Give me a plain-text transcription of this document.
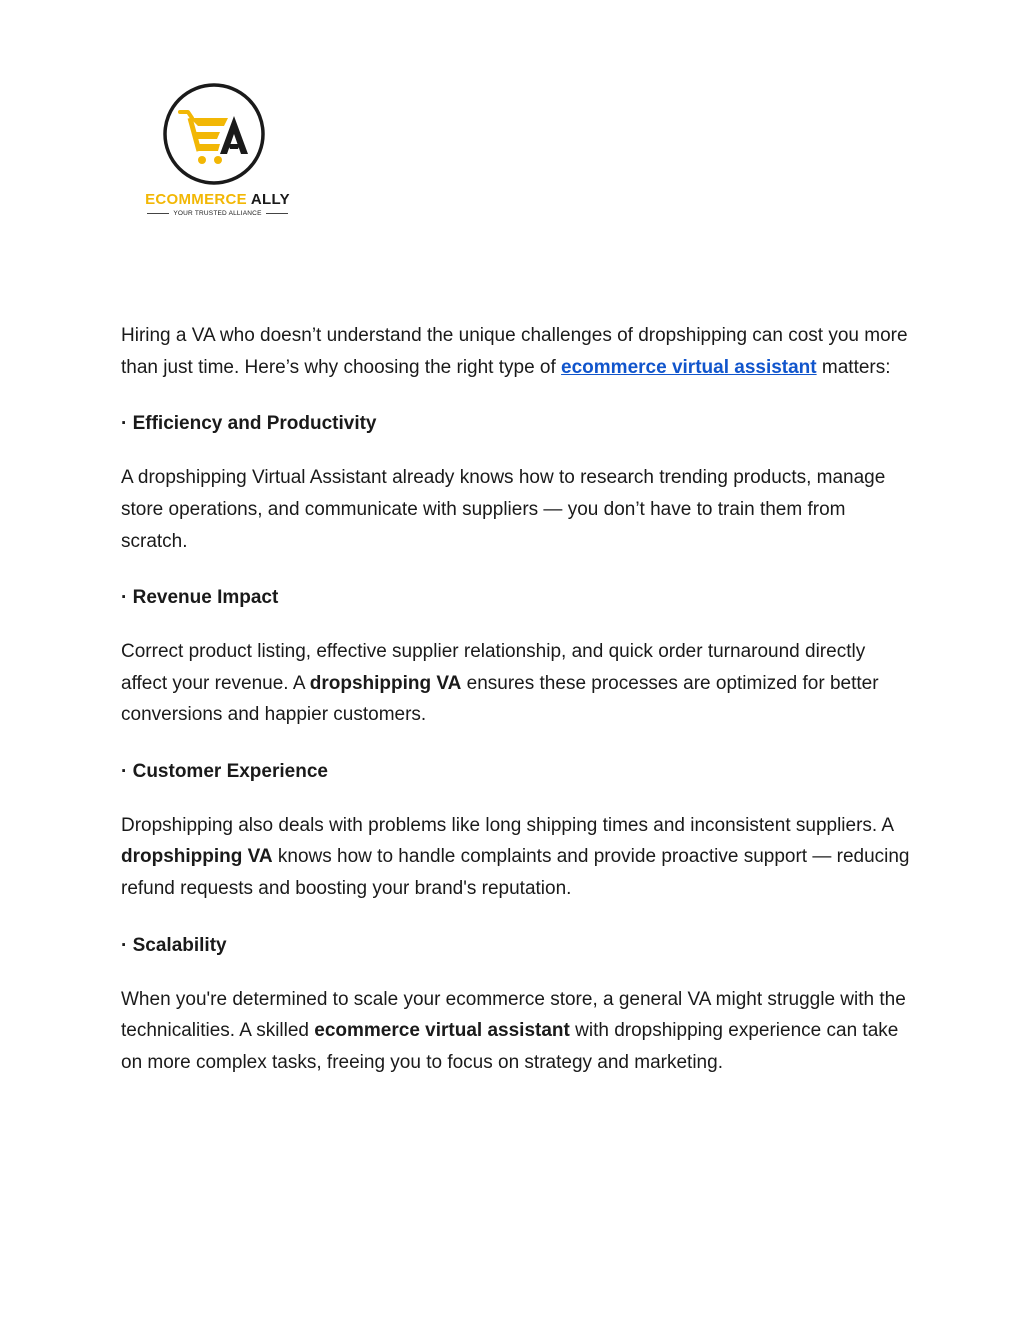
ECOMMERCE ALLY
YOUR TRUSTED ALLIANCE

Hiring a VA who doesn’t understand the unique challenges of dropshipping can cost you more than just time. Here’s why choosing the right type of ecommerce virtual assistant matters:

· Efficiency and Productivity

A dropshipping Virtual Assistant already knows how to research trending products, manage store operations, and communicate with suppliers — you don’t have to train them from scratch.

· Revenue Impact

Correct product listing, effective supplier relationship, and quick order turnaround directly affect your revenue. A dropshipping VA ensures these processes are optimized for better conversions and happier customers.

· Customer Experience

Dropshipping also deals with problems like long shipping times and inconsistent suppliers. A dropshipping VA knows how to handle complaints and provide proactive support — reducing refund requests and boosting your brand's reputation.

· Scalability

When you're determined to scale your ecommerce store, a general VA might struggle with the technicalities. A skilled ecommerce virtual assistant with dropshipping experience can take on more complex tasks, freeing you to focus on strategy and marketing.
